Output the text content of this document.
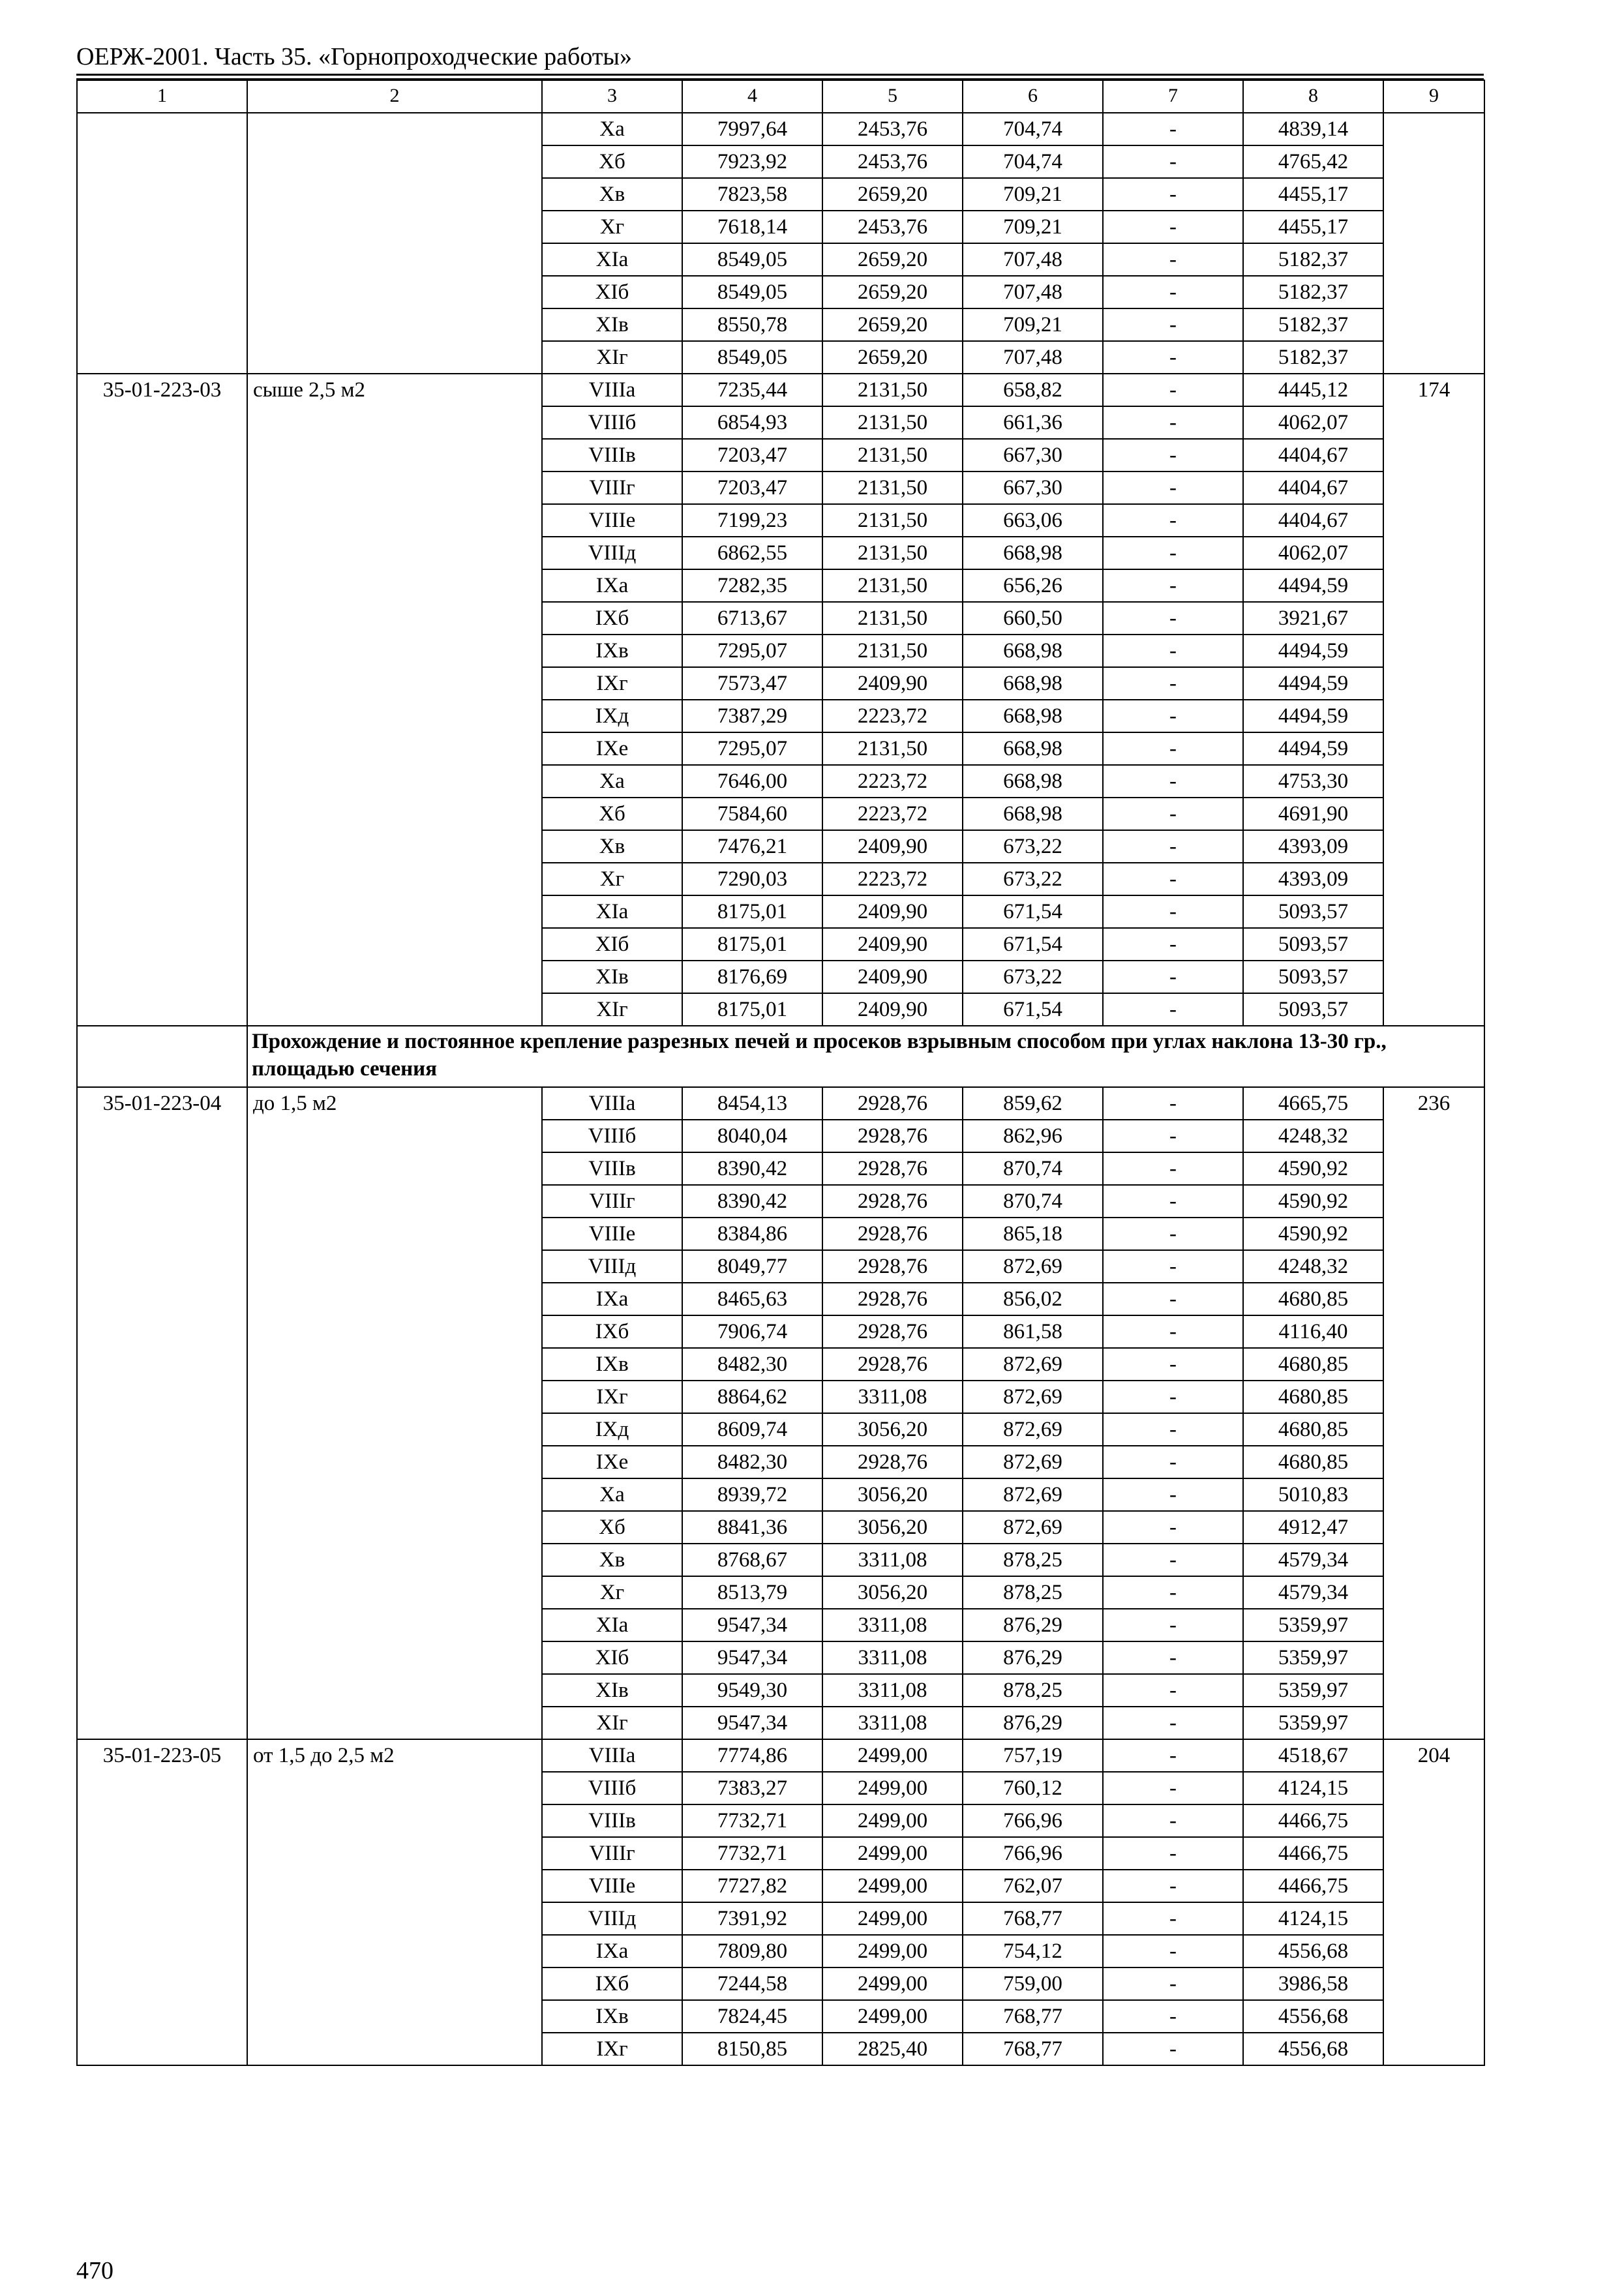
ОЕРЖ-2001. Часть 35. «Горнопроходческие работы»
1	2	3	4	5	6	7	8	9
		Xа	7997,64	2453,76	704,74	-	4839,14	
		Xб	7923,92	2453,76	704,74	-	4765,42	
		Xв	7823,58	2659,20	709,21	-	4455,17	
		Xг	7618,14	2453,76	709,21	-	4455,17	
		XIа	8549,05	2659,20	707,48	-	5182,37	
		XIб	8549,05	2659,20	707,48	-	5182,37	
		XIв	8550,78	2659,20	709,21	-	5182,37	
		XIг	8549,05	2659,20	707,48	-	5182,37	
35-01-223-03	сыше 2,5 м2	VIIIа	7235,44	2131,50	658,82	-	4445,12	174
		VIIIб	6854,93	2131,50	661,36	-	4062,07	
		VIIIв	7203,47	2131,50	667,30	-	4404,67	
		VIIIг	7203,47	2131,50	667,30	-	4404,67	
		VIIIе	7199,23	2131,50	663,06	-	4404,67	
		VIIIд	6862,55	2131,50	668,98	-	4062,07	
		IXа	7282,35	2131,50	656,26	-	4494,59	
		IXб	6713,67	2131,50	660,50	-	3921,67	
		IXв	7295,07	2131,50	668,98	-	4494,59	
		IXг	7573,47	2409,90	668,98	-	4494,59	
		IXд	7387,29	2223,72	668,98	-	4494,59	
		IXе	7295,07	2131,50	668,98	-	4494,59	
		Xа	7646,00	2223,72	668,98	-	4753,30	
		Xб	7584,60	2223,72	668,98	-	4691,90	
		Xв	7476,21	2409,90	673,22	-	4393,09	
		Xг	7290,03	2223,72	673,22	-	4393,09	
		XIа	8175,01	2409,90	671,54	-	5093,57	
		XIб	8175,01	2409,90	671,54	-	5093,57	
		XIв	8176,69	2409,90	673,22	-	5093,57	
		XIг	8175,01	2409,90	671,54	-	5093,57	
	Прохождение и постоянное крепление разрезных печей и просеков взрывным способом при углах наклона 13-30 гр., площадью сечения							
35-01-223-04	до 1,5 м2	VIIIа	8454,13	2928,76	859,62	-	4665,75	236
		VIIIб	8040,04	2928,76	862,96	-	4248,32	
		VIIIв	8390,42	2928,76	870,74	-	4590,92	
		VIIIг	8390,42	2928,76	870,74	-	4590,92	
		VIIIе	8384,86	2928,76	865,18	-	4590,92	
		VIIIд	8049,77	2928,76	872,69	-	4248,32	
		IXа	8465,63	2928,76	856,02	-	4680,85	
		IXб	7906,74	2928,76	861,58	-	4116,40	
		IXв	8482,30	2928,76	872,69	-	4680,85	
		IXг	8864,62	3311,08	872,69	-	4680,85	
		IXд	8609,74	3056,20	872,69	-	4680,85	
		IXе	8482,30	2928,76	872,69	-	4680,85	
		Xа	8939,72	3056,20	872,69	-	5010,83	
		Xб	8841,36	3056,20	872,69	-	4912,47	
		Xв	8768,67	3311,08	878,25	-	4579,34	
		Xг	8513,79	3056,20	878,25	-	4579,34	
		XIа	9547,34	3311,08	876,29	-	5359,97	
		XIб	9547,34	3311,08	876,29	-	5359,97	
		XIв	9549,30	3311,08	878,25	-	5359,97	
		XIг	9547,34	3311,08	876,29	-	5359,97	
35-01-223-05	от 1,5 до 2,5 м2	VIIIа	7774,86	2499,00	757,19	-	4518,67	204
		VIIIб	7383,27	2499,00	760,12	-	4124,15	
		VIIIв	7732,71	2499,00	766,96	-	4466,75	
		VIIIг	7732,71	2499,00	766,96	-	4466,75	
		VIIIе	7727,82	2499,00	762,07	-	4466,75	
		VIIIд	7391,92	2499,00	768,77	-	4124,15	
		IXа	7809,80	2499,00	754,12	-	4556,68	
		IXб	7244,58	2499,00	759,00	-	3986,58	
		IXв	7824,45	2499,00	768,77	-	4556,68	
		IXг	8150,85	2825,40	768,77	-	4556,68	
470
